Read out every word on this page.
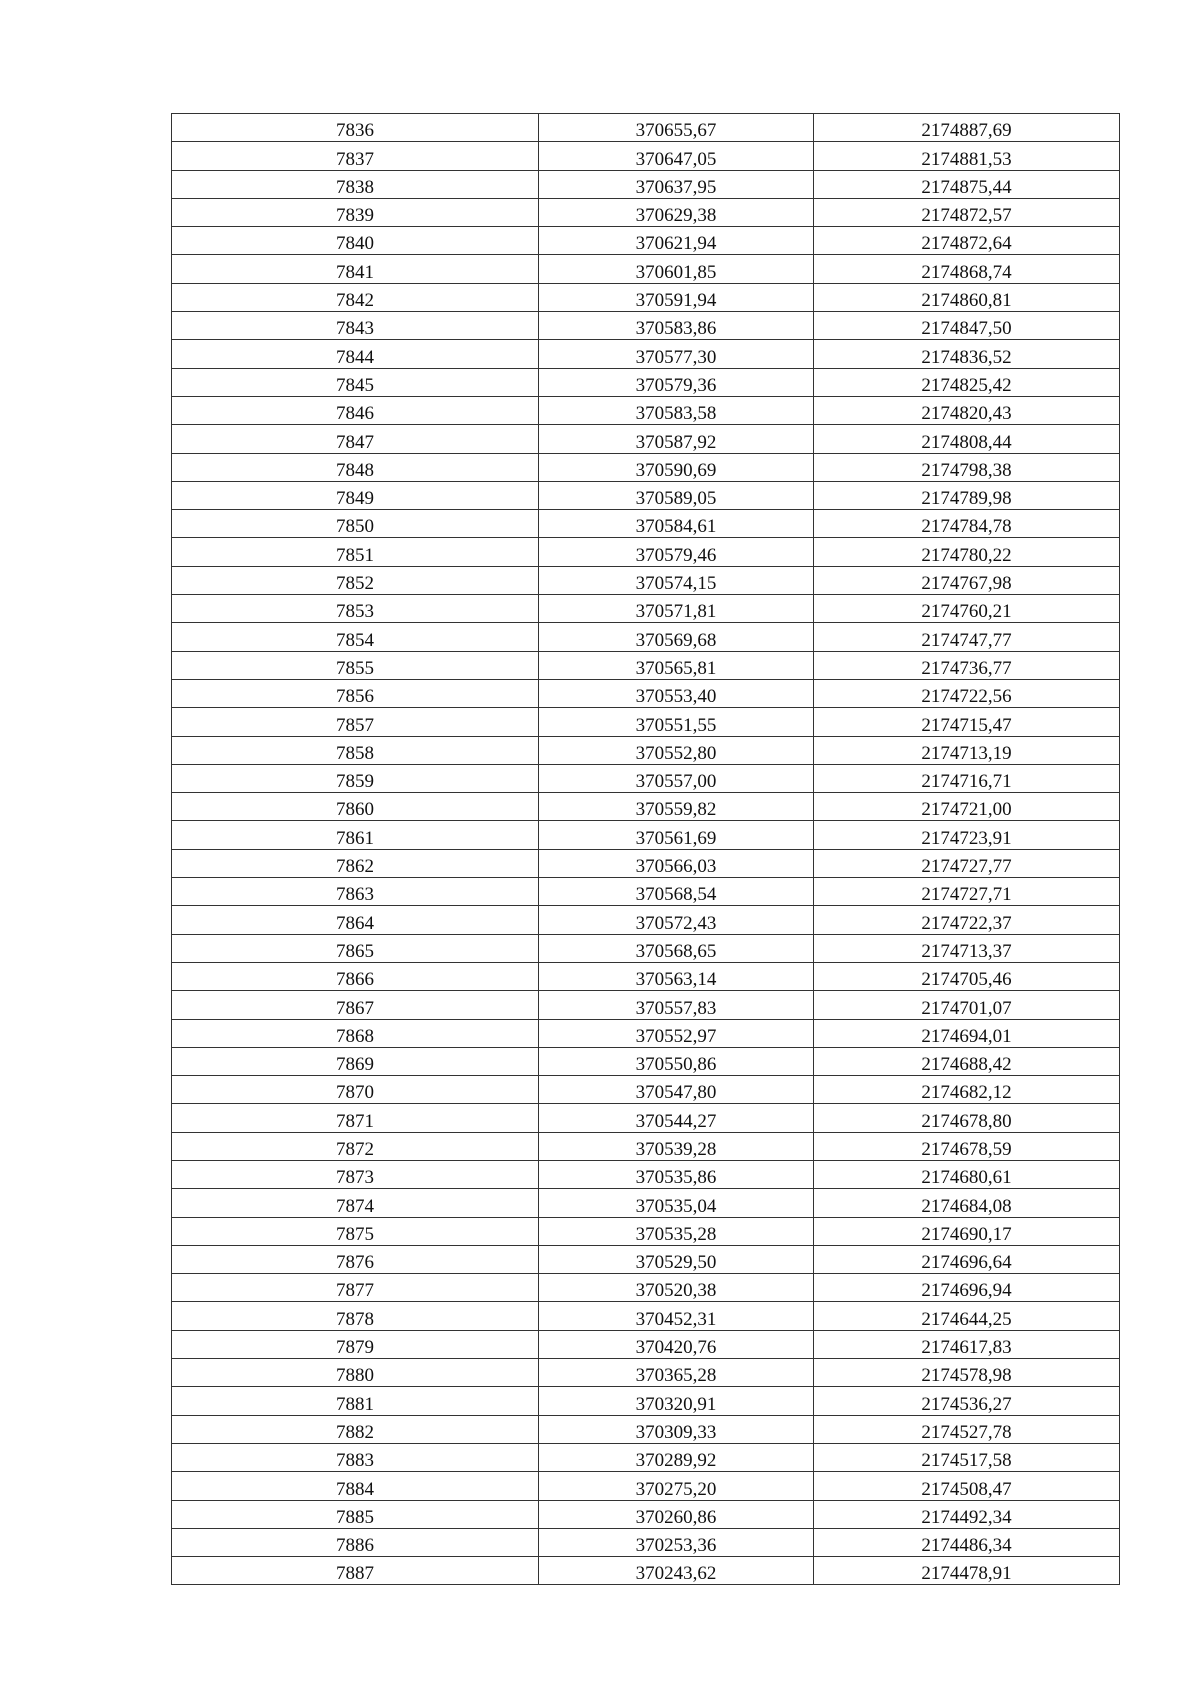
7836	370655,67	2174887,69
7837	370647,05	2174881,53
7838	370637,95	2174875,44
7839	370629,38	2174872,57
7840	370621,94	2174872,64
7841	370601,85	2174868,74
7842	370591,94	2174860,81
7843	370583,86	2174847,50
7844	370577,30	2174836,52
7845	370579,36	2174825,42
7846	370583,58	2174820,43
7847	370587,92	2174808,44
7848	370590,69	2174798,38
7849	370589,05	2174789,98
7850	370584,61	2174784,78
7851	370579,46	2174780,22
7852	370574,15	2174767,98
7853	370571,81	2174760,21
7854	370569,68	2174747,77
7855	370565,81	2174736,77
7856	370553,40	2174722,56
7857	370551,55	2174715,47
7858	370552,80	2174713,19
7859	370557,00	2174716,71
7860	370559,82	2174721,00
7861	370561,69	2174723,91
7862	370566,03	2174727,77
7863	370568,54	2174727,71
7864	370572,43	2174722,37
7865	370568,65	2174713,37
7866	370563,14	2174705,46
7867	370557,83	2174701,07
7868	370552,97	2174694,01
7869	370550,86	2174688,42
7870	370547,80	2174682,12
7871	370544,27	2174678,80
7872	370539,28	2174678,59
7873	370535,86	2174680,61
7874	370535,04	2174684,08
7875	370535,28	2174690,17
7876	370529,50	2174696,64
7877	370520,38	2174696,94
7878	370452,31	2174644,25
7879	370420,76	2174617,83
7880	370365,28	2174578,98
7881	370320,91	2174536,27
7882	370309,33	2174527,78
7883	370289,92	2174517,58
7884	370275,20	2174508,47
7885	370260,86	2174492,34
7886	370253,36	2174486,34
7887	370243,62	2174478,91
